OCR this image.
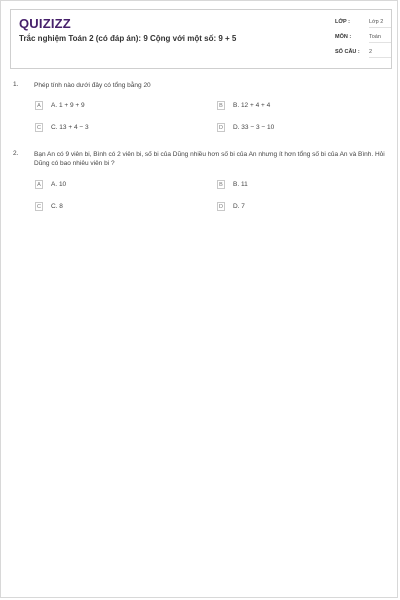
QUIZIZZ
Trắc nghiệm Toán 2 (có đáp án): 9 Cộng với một số: 9 + 5
LỚP :	Lớp 2
MÔN :	Toán
SỐ CÂU : 2
1. Phép tính nào dưới đây có tổng bằng 20
A	A. 1 + 9 + 9	B	B. 12 + 4 + 4
C	C. 13 + 4 − 3	D	D. 33 − 3 − 10
2. Bạn An có 9 viên bi, Bình có 2 viên bi, số bi của Dũng nhiều hơn số bi của An nhưng ít hơn tổng số bi của An và Bình. Hỏi Dũng có bao nhiêu viên bi ?
A	A. 10	B	B. 11
C	C. 8	D	D. 7
